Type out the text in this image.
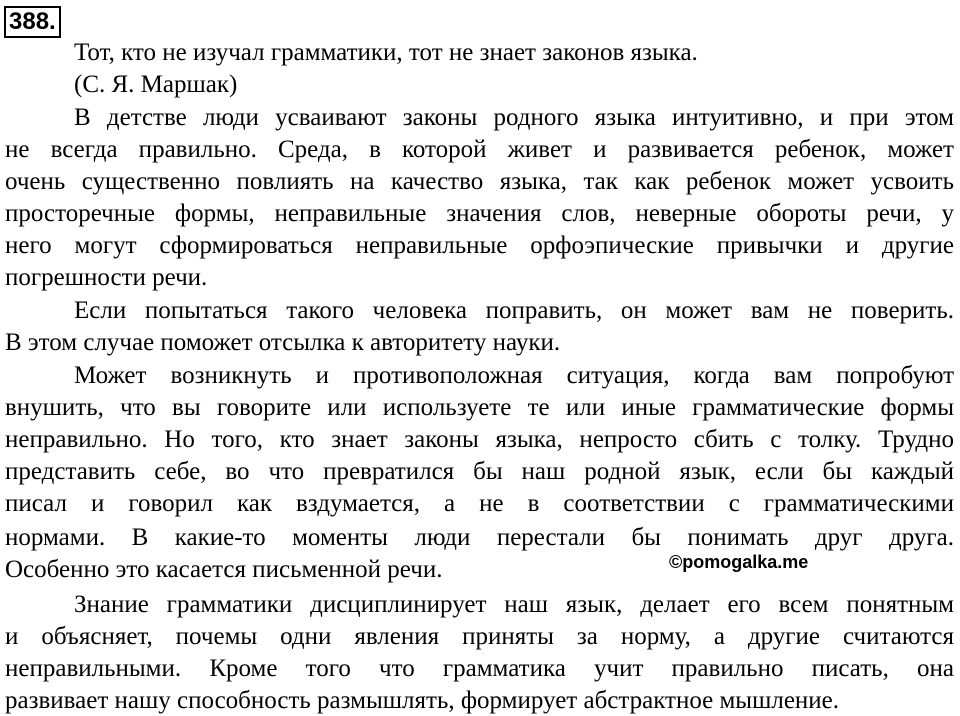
388.
Тот, кто не изучал грамматики, тот не знает законов языка.
(С. Я. Маршак)
В детстве люди усваивают законы родного языка интуитивно, и при этом
не всегда правильно. Среда, в которой живет и развивается ребенок, может
очень существенно повлиять на качество языка, так как ребенок может усвоить
просторечные формы, неправильные значения слов, неверные обороты речи, у
него могут сформироваться неправильные орфоэпические привычки и другие
погрешности речи.
Если попытаться такого человека поправить, он может вам не поверить.
В этом случае поможет отсылка к авторитету науки.
Может возникнуть и противоположная ситуация, когда вам попробуют
внушить, что вы говорите или используете те или иные грамматические формы
неправильно. Но того, кто знает законы языка, непросто сбить с толку. Трудно
представить себе, во что превратился бы наш родной язык, если бы каждый
писал и говорил как вздумается, а не в соответствии с грамматическими
нормами. В какие-то моменты люди перестали бы понимать друг друга.
Особенно это касается письменной речи.	©pomogalka.me
Знание грамматики дисциплинирует наш язык, делает его всем понятным
и объясняет, почемы одни явления приняты за норму, а другие считаются
неправильными. Кроме того что грамматика учит правильно писать, она
развивает нашу способность размышлять, формирует абстрактное мышление.
